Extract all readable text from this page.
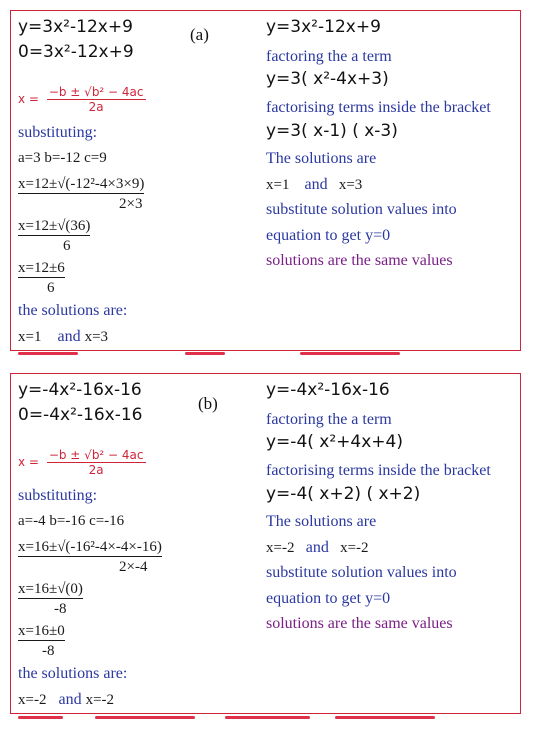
y=3x²-12x+9
0=3x²-12x+9
(a)
$x = \frac{\text{−b ± √b² − 4ac}}{2a}$
substituting:
a=3 b=-12 c=9
x=12±√(-12²-4×3×9)
2×3
x=12±√(36)
6
x=12±6
6
the solutions are:
x=1 and x=3
y=3x²-12x+9
factoring the a term
y=3( x²-4x+3)
factorising terms inside the bracket
y=3( x-1) ( x-3)
The solutions are
x=1 and x=3
substitute solution values into
equation to get y=0
solutions are the same values
y=-4x²-16x-16
0=-4x²-16x-16
(b)
$x = \frac{\text{−b ± √b² − 4ac}}{2a}$
substituting:
a=-4 b=-16 c=-16
x=16±√(-16²-4×-4×-16)
2×-4
x=16±√(0)
-8
x=16±0
-8
the solutions are:
x=-2 and x=-2
y=-4x²-16x-16
factoring the a term
y=-4( x²+4x+4)
factorising terms inside the bracket
y=-4( x+2) ( x+2)
The solutions are
x=-2 and x=-2
substitute solution values into
equation to get y=0
solutions are the same values
